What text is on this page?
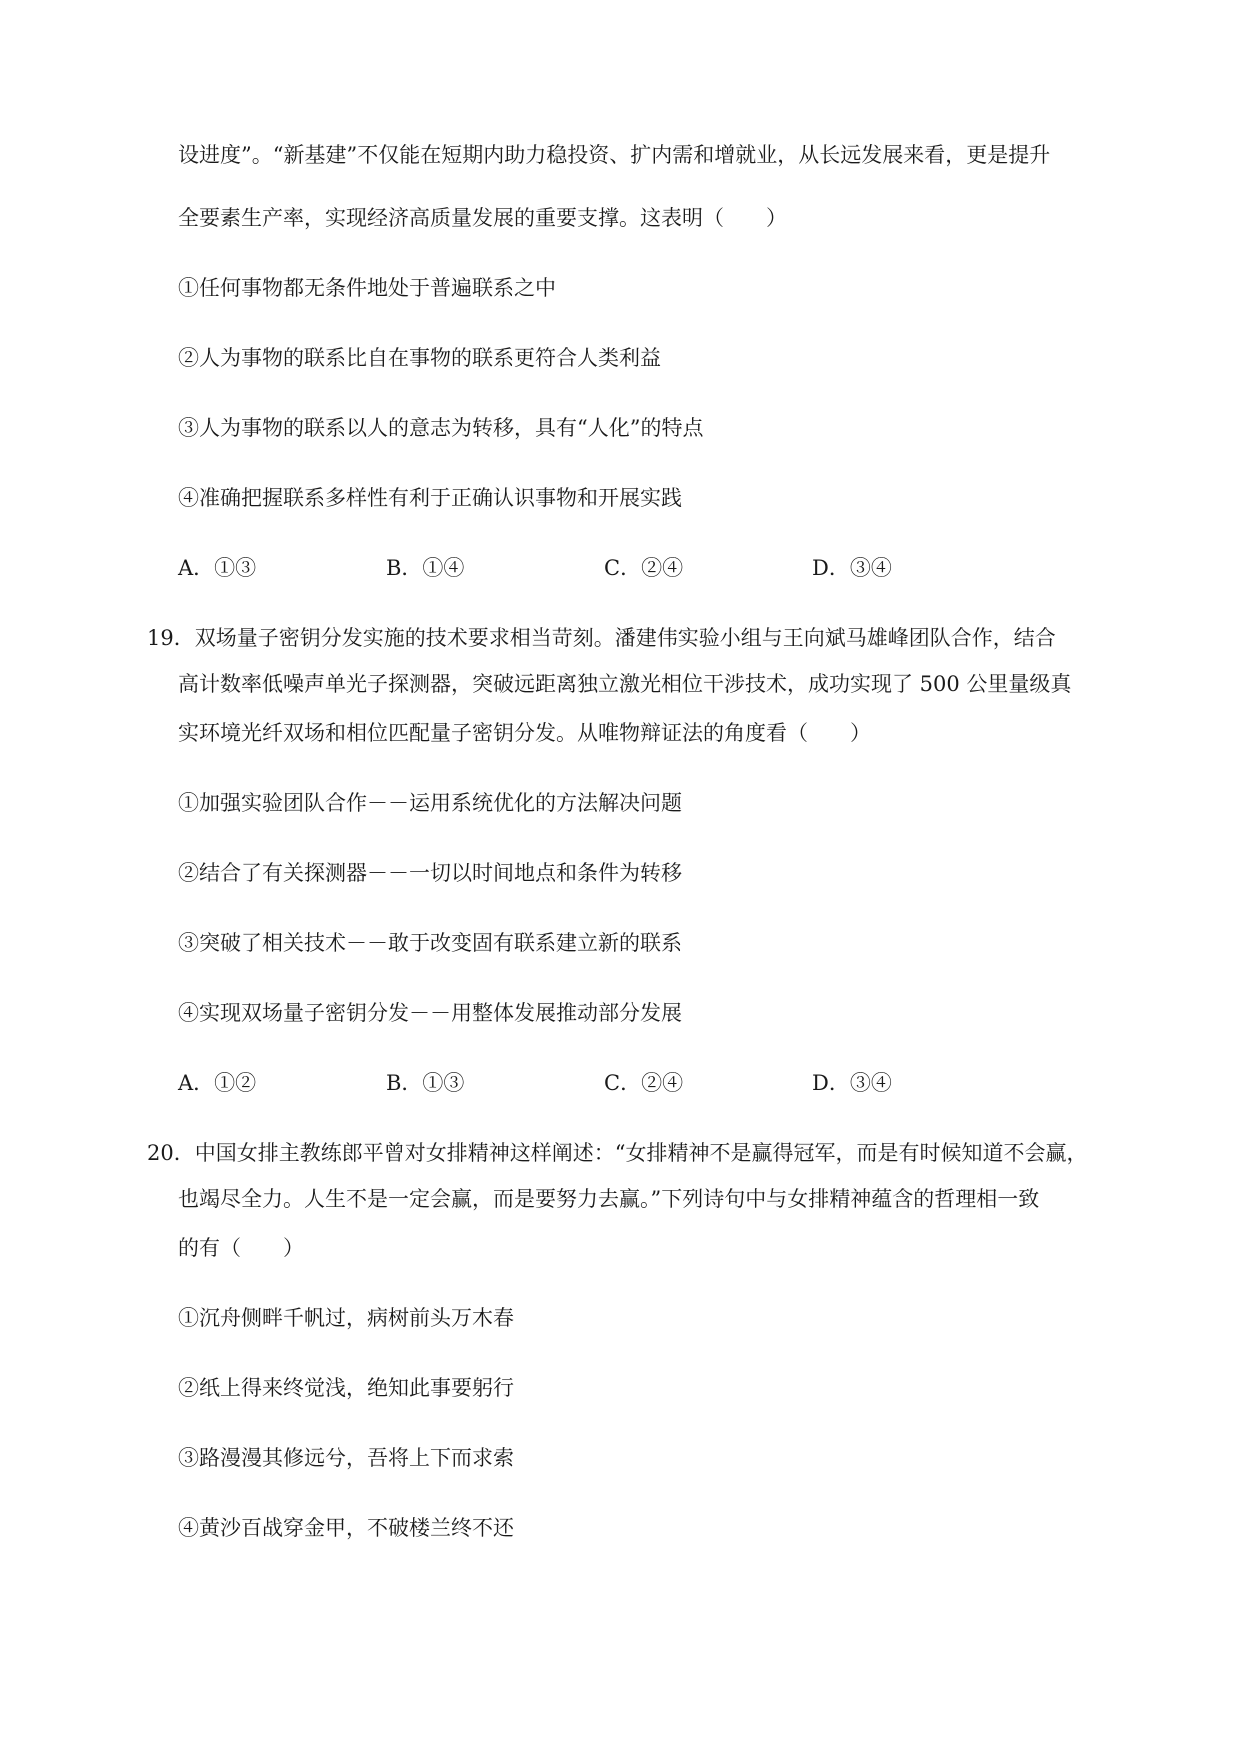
设进度”。“新基建”不仅能在短期内助力稳投资、扩内需和增就业，从长远发展来看，更是提升
全要素生产率，实现经济高质量发展的重要支撑。这表明（　　）
①任何事物都无条件地处于普遍联系之中
②人为事物的联系比自在事物的联系更符合人类利益
③人为事物的联系以人的意志为转移，具有“人化”的特点
④准确把握联系多样性有利于正确认识事物和开展实践
A．①③	B．①④	C．②④	D．③④
19．双场量子密钥分发实施的技术要求相当苛刻。潘建伟实验小组与王向斌马雄峰团队合作，结合
高计数率低噪声单光子探测器，突破远距离独立激光相位干涉技术，成功实现了 500 公里量级真
实环境光纤双场和相位匹配量子密钥分发。从唯物辩证法的角度看（　　）
①加强实验团队合作－－运用系统优化的方法解决问题
②结合了有关探测器－－一切以时间地点和条件为转移
③突破了相关技术－－敢于改变固有联系建立新的联系
④实现双场量子密钥分发－－用整体发展推动部分发展
A．①②	B．①③	C．②④	D．③④
20．中国女排主教练郎平曾对女排精神这样阐述：“女排精神不是赢得冠军，而是有时候知道不会赢，
也竭尽全力。人生不是一定会赢，而是要努力去赢。”下列诗句中与女排精神蕴含的哲理相一致
的有（　　）
①沉舟侧畔千帆过，病树前头万木春
②纸上得来终觉浅，绝知此事要躬行
③路漫漫其修远兮，吾将上下而求索
④黄沙百战穿金甲，不破楼兰终不还
